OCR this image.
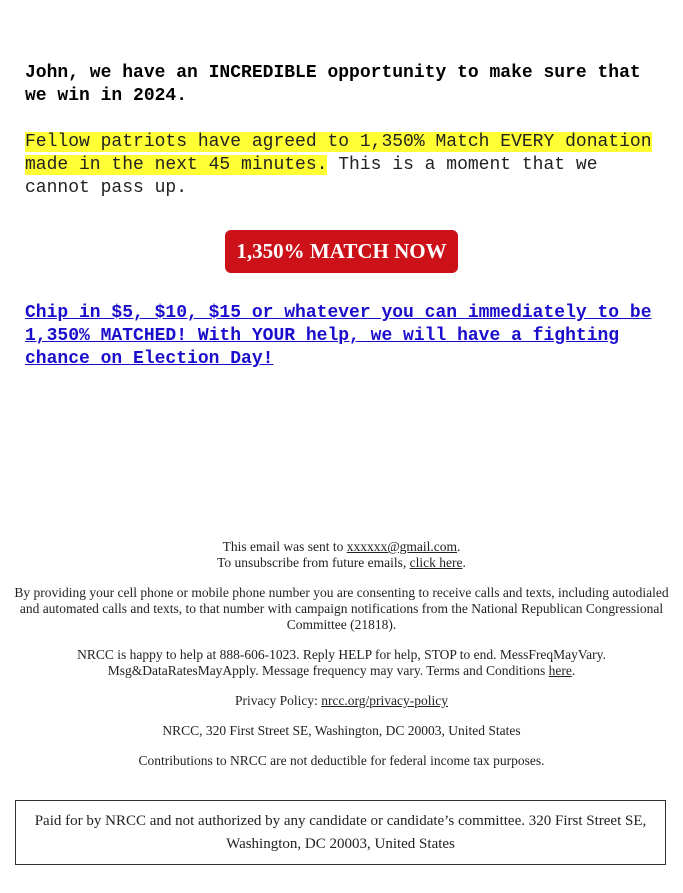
John, we have an INCREDIBLE opportunity to make sure that we win in 2024.

Fellow patriots have agreed to 1,350% Match EVERY donation made in the next 45 minutes. This is a moment that we cannot pass up.

1,350% MATCH NOW

Chip in $5, $10, $15 or whatever you can immediately to be 1,350% MATCHED! With YOUR help, we will have a fighting chance on Election Day!

This email was sent to xxxxxx@gmail.com.
To unsubscribe from future emails, click here.

By providing your cell phone or mobile phone number you are consenting to receive calls and texts, including autodialed and automated calls and texts, to that number with campaign notifications from the National Republican Congressional Committee (21818).

NRCC is happy to help at 888-606-1023. Reply HELP for help, STOP to end. MessFreqMayVary. Msg&DataRatesMayApply. Message frequency may vary. Terms and Conditions here.

Privacy Policy: nrcc.org/privacy-policy

NRCC, 320 First Street SE, Washington, DC 20003, United States

Contributions to NRCC are not deductible for federal income tax purposes.

Paid for by NRCC and not authorized by any candidate or candidate’s committee. 320 First Street SE, Washington, DC 20003, United States
